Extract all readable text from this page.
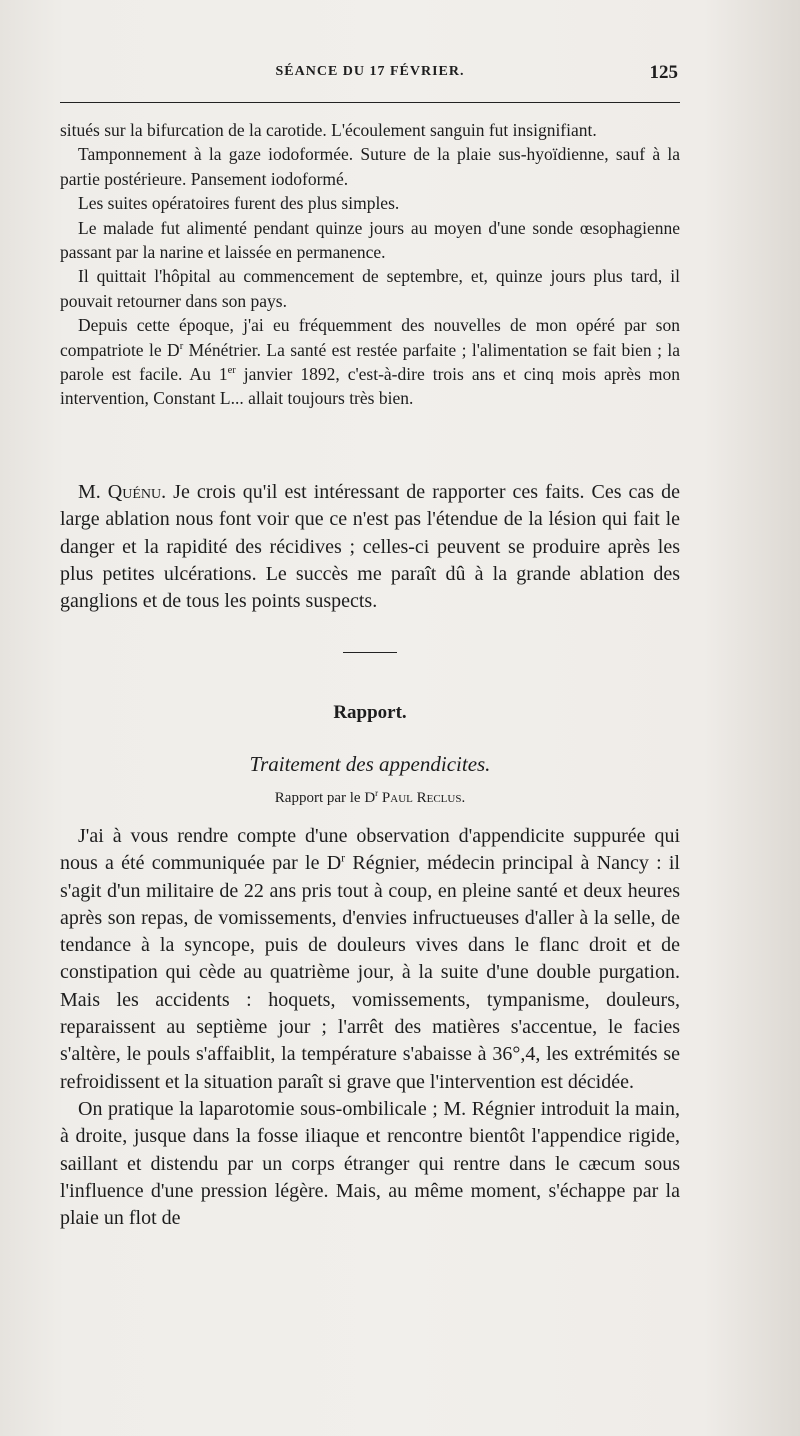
SÉANCE DU 17 FÉVRIER.	125

situés sur la bifurcation de la carotide. L'écoulement sanguin fut insignifiant.

Tamponnement à la gaze iodoformée. Suture de la plaie sus-hyoïdienne, sauf à la partie postérieure. Pansement iodoformé.

Les suites opératoires furent des plus simples.

Le malade fut alimenté pendant quinze jours au moyen d'une sonde œsophagienne passant par la narine et laissée en permanence.

Il quittait l'hôpital au commencement de septembre, et, quinze jours plus tard, il pouvait retourner dans son pays.

Depuis cette époque, j'ai eu fréquemment des nouvelles de mon opéré par son compatriote le $D^r$ Ménétrier. La santé est restée parfaite ; l'alimentation se fait bien ; la parole est facile. Au 1er janvier 1892, c'est-à-dire trois ans et cinq mois après mon intervention, Constant L... allait toujours très bien.

M. Quénu. Je crois qu'il est intéressant de rapporter ces faits. Ces cas de large ablation nous font voir que ce n'est pas l'étendue de la lésion qui fait le danger et la rapidité des récidives ; celles-ci peuvent se produire après les plus petites ulcérations. Le succès me paraît dû à la grande ablation des ganglions et de tous les points suspects.

Rapport.
Traitement des appendicites.
Rapport par le $D^r$ Paul Reclus.

J'ai à vous rendre compte d'une observation d'appendicite suppurée qui nous a été communiquée par le $D^r$ Régnier, médecin principal à Nancy : il s'agit d'un militaire de 22 ans pris tout à coup, en pleine santé et deux heures après son repas, de vomissements, d'envies infructueuses d'aller à la selle, de tendance à la syncope, puis de douleurs vives dans le flanc droit et de constipation qui cède au quatrième jour, à la suite d'une double purgation. Mais les accidents : hoquets, vomissements, tympanisme, douleurs, reparaissent au septième jour ; l'arrêt des matières s'accentue, le facies s'altère, le pouls s'affaiblit, la température s'abaisse à 36°,4, les extrémités se refroidissent et la situation paraît si grave que l'intervention est décidée.

On pratique la laparotomie sous-ombilicale ; M. Régnier introduit la main, à droite, jusque dans la fosse iliaque et rencontre bientôt l'appendice rigide, saillant et distendu par un corps étranger qui rentre dans le cæcum sous l'influence d'une pression légère. Mais, au même moment, s'échappe par la plaie un flot de
